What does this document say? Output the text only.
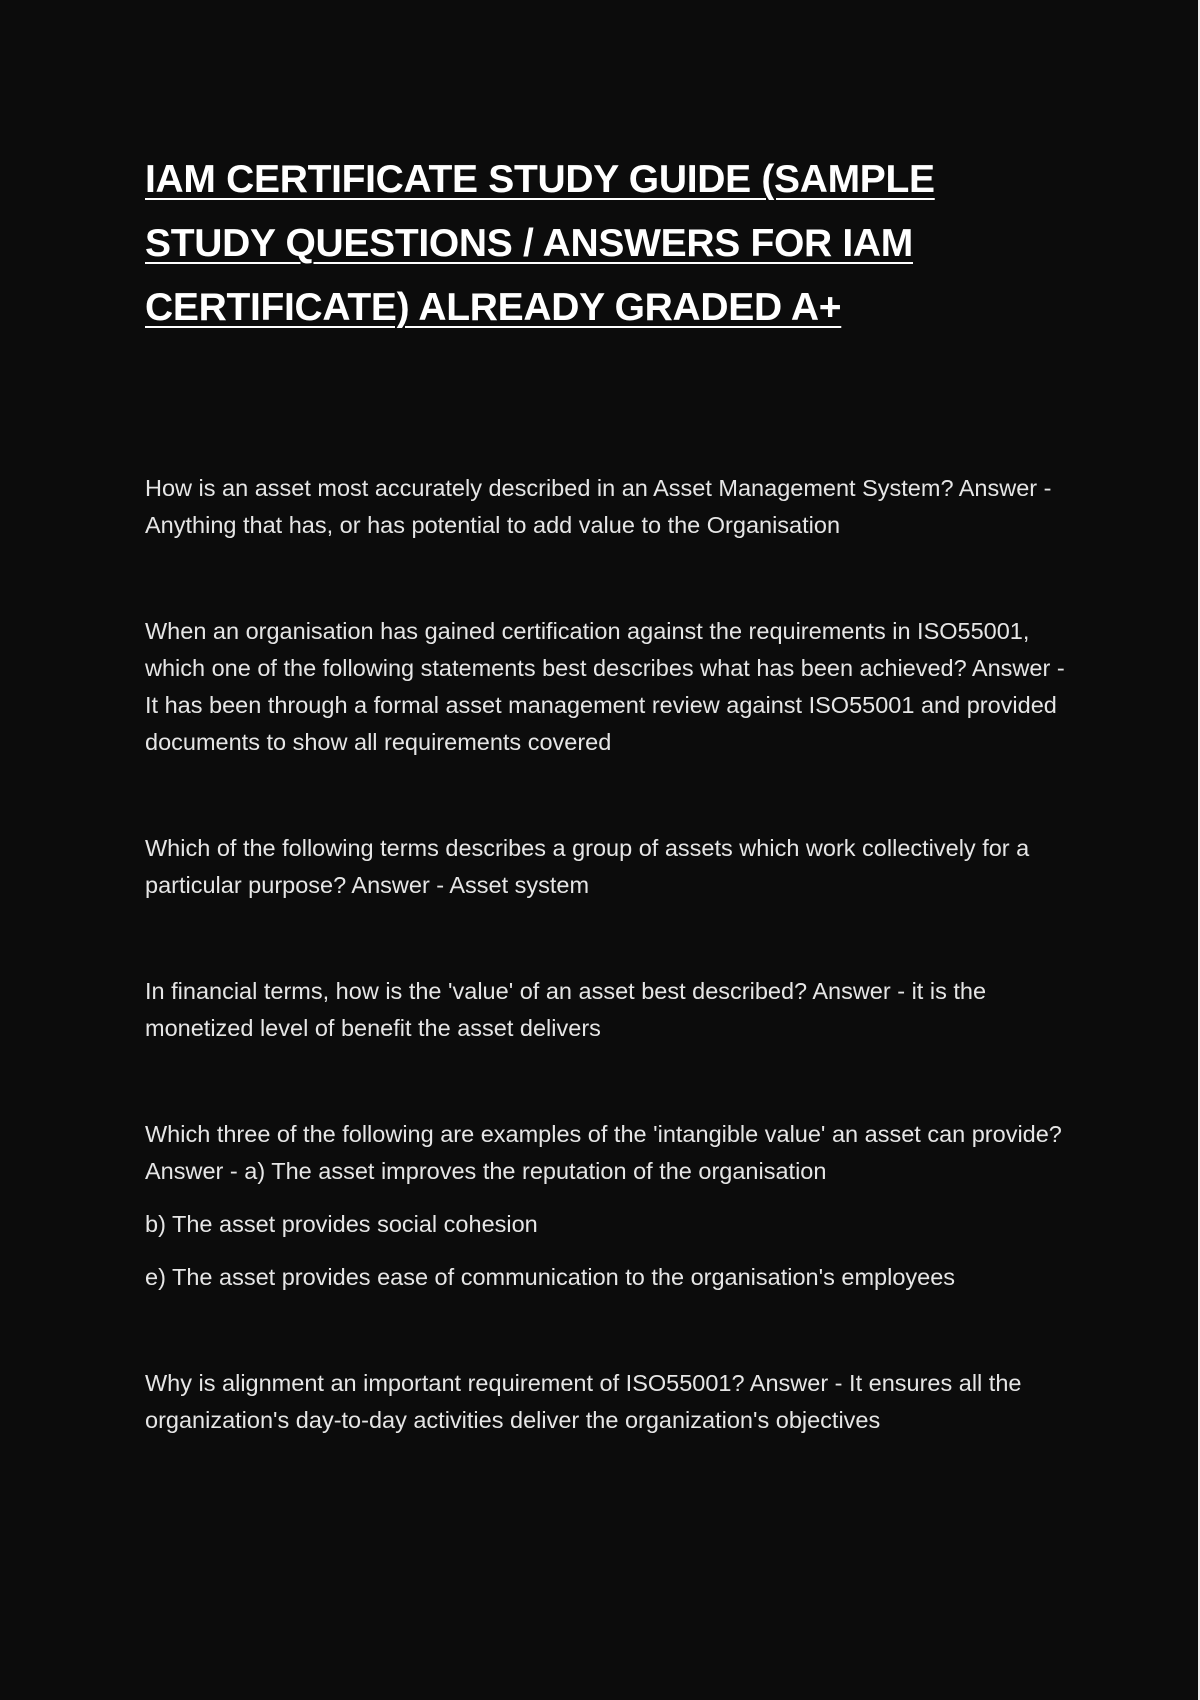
IAM CERTIFICATE STUDY GUIDE (SAMPLE STUDY QUESTIONS / ANSWERS FOR IAM CERTIFICATE) ALREADY GRADED A+

How is an asset most accurately described in an Asset Management System? Answer - Anything that has, or has potential to add value to the Organisation

When an organisation has gained certification against the requirements in ISO55001, which one of the following statements best describes what has been achieved? Answer - It has been through a formal asset management review against ISO55001 and provided documents to show all requirements covered

Which of the following terms describes a group of assets which work collectively for a particular purpose? Answer - Asset system

In financial terms, how is the 'value' of an asset best described? Answer - it is the monetized level of benefit the asset delivers

Which three of the following are examples of the 'intangible value' an asset can provide? Answer - a) The asset improves the reputation of the organisation

b) The asset provides social cohesion

e) The asset provides ease of communication to the organisation's employees

Why is alignment an important requirement of ISO55001? Answer - It ensures all the organization's day-to-day activities deliver the organization's objectives
